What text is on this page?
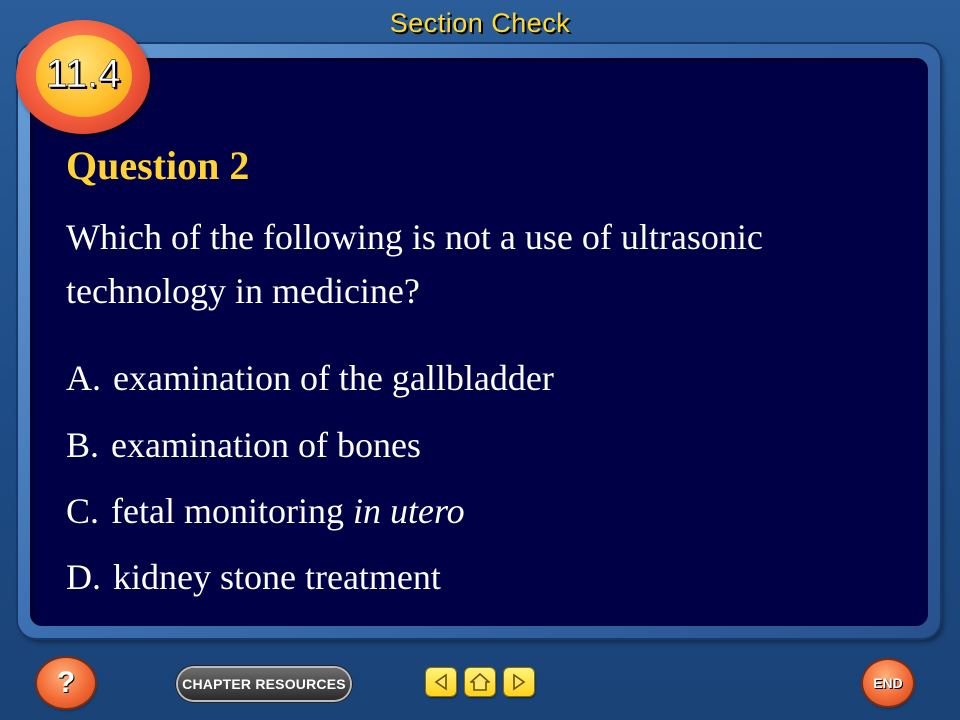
Section Check
11.4
Question 2
Which of the following is not a use of ultrasonic technology in medicine?
A. examination of the gallbladder
B. examination of bones
C. fetal monitoring in utero
D. kidney stone treatment
?	CHAPTER RESOURCES	END
